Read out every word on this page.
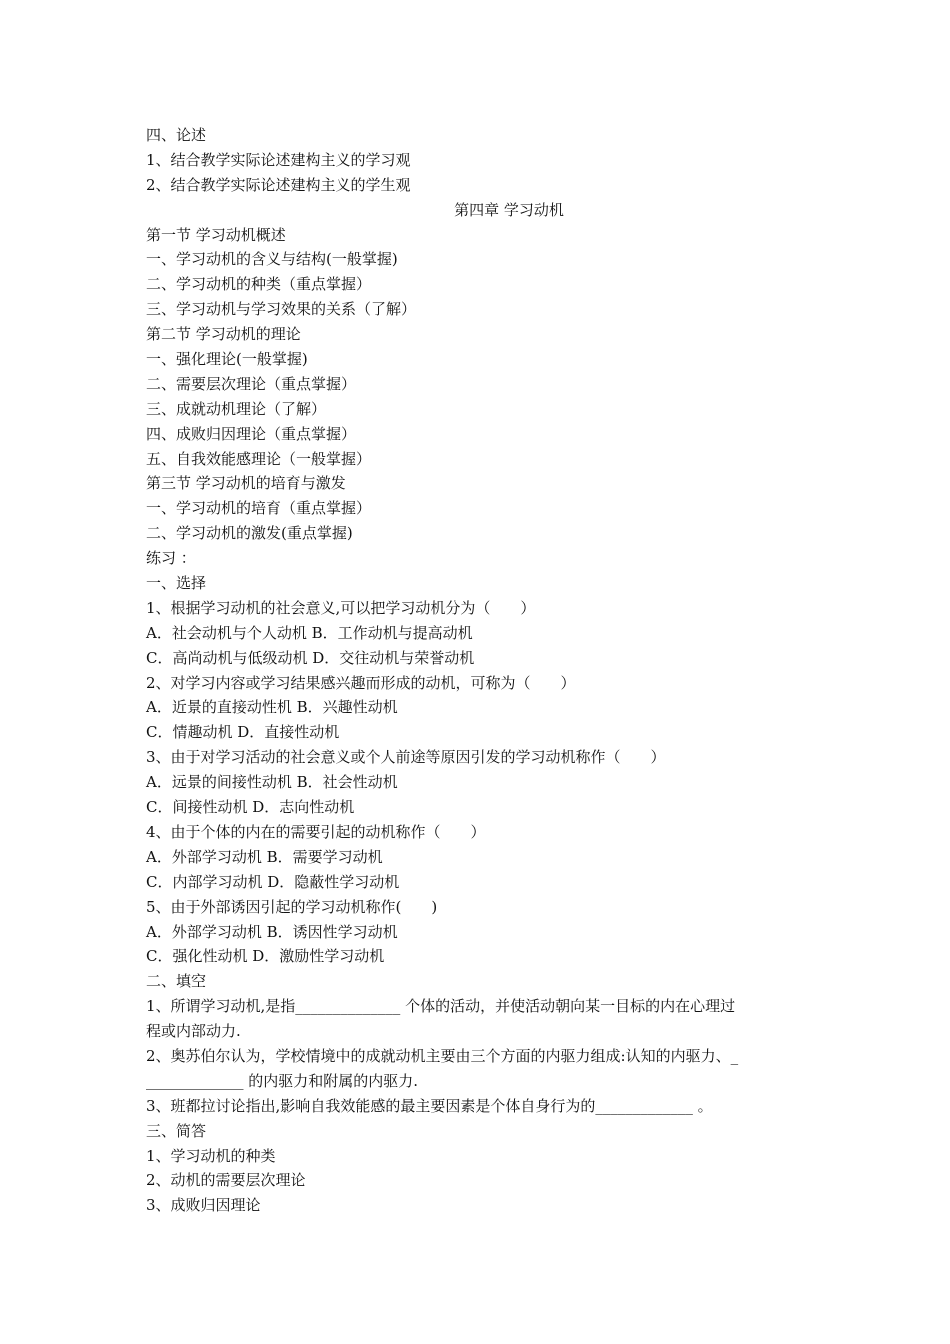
四、论述
1、结合教学实际论述建构主义的学习观
2、结合教学实际论述建构主义的学生观
第四章 学习动机
第一节 学习动机概述
一、学习动机的含义与结构(一般掌握)
二、学习动机的种类（重点掌握）
三、学习动机与学习效果的关系（了解）
第二节 学习动机的理论
一、强化理论(一般掌握)
二、需要层次理论（重点掌握）
三、成就动机理论（了解）
四、成败归因理论（重点掌握）
五、自我效能感理论（一般掌握）
第三节 学习动机的培育与激发
一、学习动机的培育（重点掌握）
二、学习动机的激发(重点掌握)
练习 ：
一、选择
1、根据学习动机的社会意义,可以把学习动机分为（　　）
A．社会动机与个人动机 B．工作动机与提高动机
C．高尚动机与低级动机 D．交往动机与荣誉动机
2、对学习内容或学习结果感兴趣而形成的动机，可称为（　　）
A．近景的直接动性机 B．兴趣性动机
C．情趣动机 D．直接性动机
3、由于对学习活动的社会意义或个人前途等原因引发的学习动机称作（　　）
A．远景的间接性动机 B．社会性动机
C．间接性动机 D．志向性动机
4、由于个体的内在的需要引起的动机称作（　　）
A．外部学习动机 B．需要学习动机
C．内部学习动机 D．隐蔽性学习动机
5、由于外部诱因引起的学习动机称作(　　)
A．外部学习动机 B．诱因性学习动机
C．强化性动机 D．激励性学习动机
二、填空
1、所谓学习动机,是指______________ 个体的活动，并使活动朝向某一目标的内在心理过
程或内部动力.
2、奥苏伯尔认为，学校情境中的成就动机主要由三个方面的内驱力组成:认知的内驱力、_
_____________ 的内驱力和附属的内驱力.
3、班都拉讨论指出,影响自我效能感的最主要因素是个体自身行为的_____________ 。
三、简答
1、学习动机的种类
2、动机的需要层次理论
3、成败归因理论
